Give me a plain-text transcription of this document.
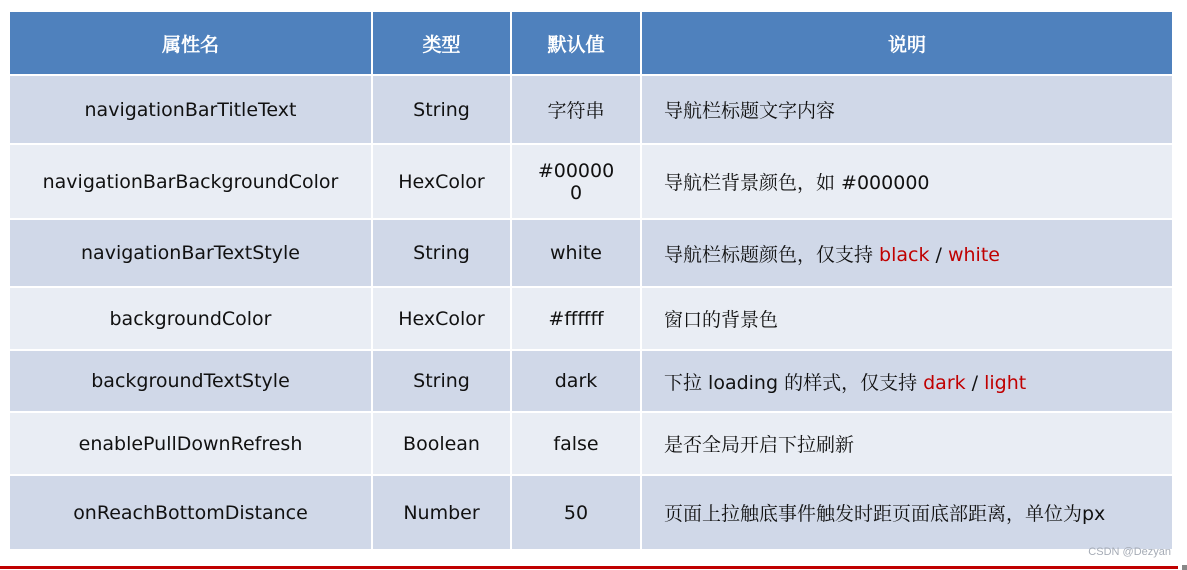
属性名	类型	默认值	说明
navigationBarTitleText	String	字符串	导航栏标题文字内容
navigationBarBackgroundColor	HexColor	#000000	导航栏背景颜色，如 #000000
navigationBarTextStyle	String	white	导航栏标题颜色，仅支持 black / white
backgroundColor	HexColor	#ffffff	窗口的背景色
backgroundTextStyle	String	dark	下拉 loading 的样式，仅支持 dark / light
enablePullDownRefresh	Boolean	false	是否全局开启下拉刷新
onReachBottomDistance	Number	50	页面上拉触底事件触发时距页面底部距离，单位为px
CSDN @Dezyan
